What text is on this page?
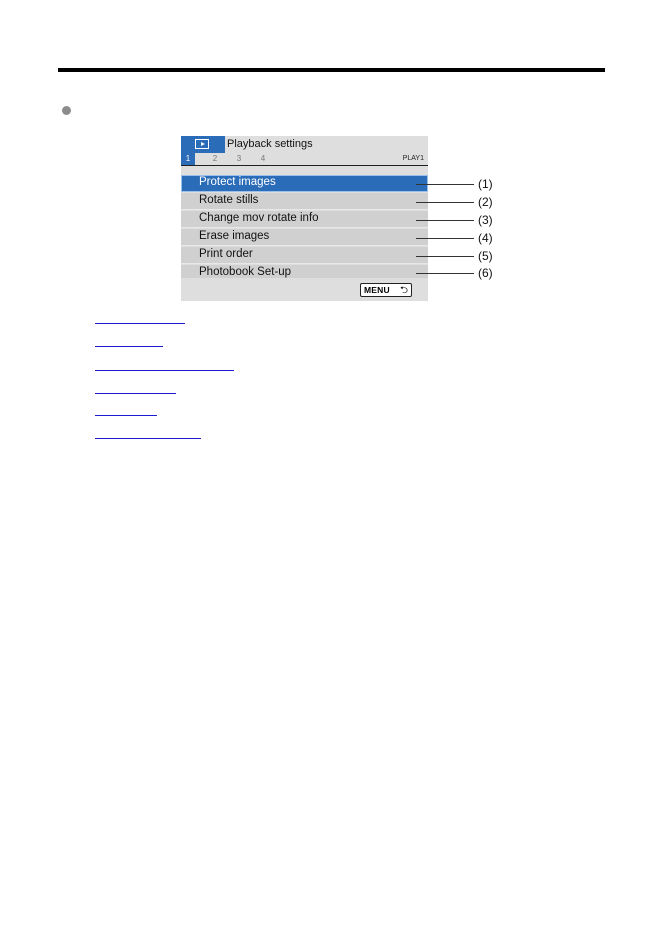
Playback settings
1	2	3	4	PLAY1
Protect images
Rotate stills
Change mov rotate info
Erase images
Print order
Photobook Set-up
MENU ⮌
(1)
(2)
(3)
(4)
(5)
(6)
